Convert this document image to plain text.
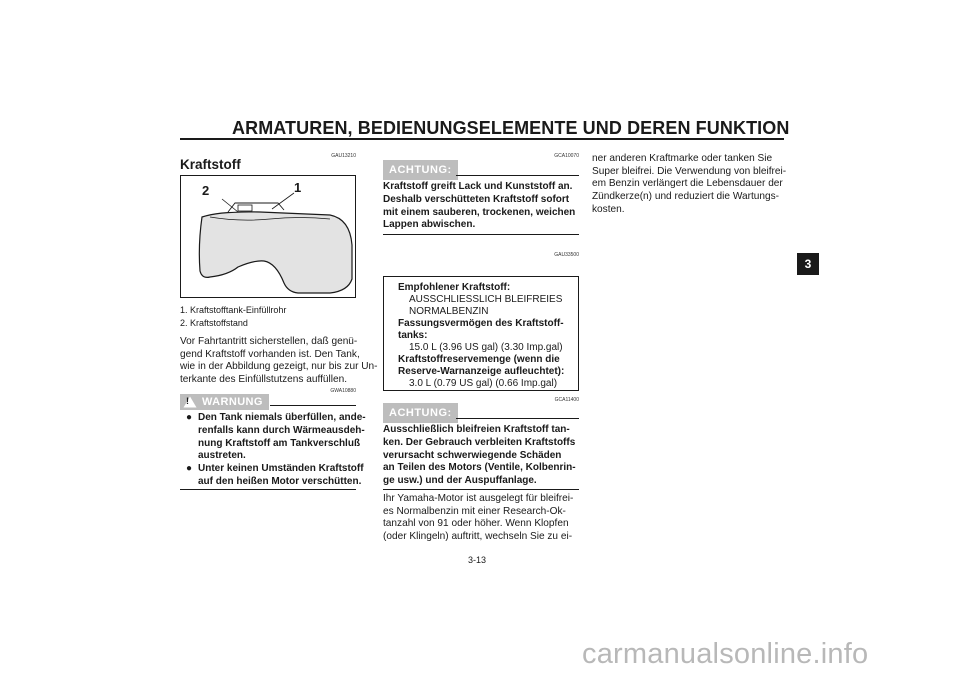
ARMATUREN, BEDIENUNGSELEMENTE UND DEREN FUNKTION
3
GAU13210
Kraftstoff
2	1
1. Kraftstofftank-Einfüllrohr
2. Kraftstoffstand
Vor Fahrtantritt sicherstellen, daß genü-
gend Kraftstoff vorhanden ist. Den Tank,
wie in der Abbildung gezeigt, nur bis zur Un-
terkante des Einfüllstutzens auffüllen.
GWA10880
! WARNUNG
● Den Tank niemals überfüllen, ande-
renfalls kann durch Wärmeausdeh-
nung Kraftstoff am Tankverschluß
austreten.
● Unter keinen Umständen Kraftstoff
auf den heißen Motor verschütten.
GCA10070
ACHTUNG:
Kraftstoff greift Lack und Kunststoff an.
Deshalb verschütteten Kraftstoff sofort
mit einem sauberen, trockenen, weichen
Lappen abwischen.
GAU33500
Empfohlener Kraftstoff:
AUSSCHLIESSLICH BLEIFREIES
NORMALBENZIN
Fassungsvermögen des Kraftstoff-
tanks:
15.0 L (3.96 US gal) (3.30 Imp.gal)
Kraftstoffreservemenge (wenn die
Reserve-Warnanzeige aufleuchtet):
3.0 L (0.79 US gal) (0.66 Imp.gal)
GCA11400
ACHTUNG:
Ausschließlich bleifreien Kraftstoff tan-
ken. Der Gebrauch verbleiten Kraftstoffs
verursacht schwerwiegende Schäden
an Teilen des Motors (Ventile, Kolbenrin-
ge usw.) und der Auspuffanlage.
Ihr Yamaha-Motor ist ausgelegt für bleifrei-
es Normalbenzin mit einer Research-Ok-
tanzahl von 91 oder höher. Wenn Klopfen
(oder Klingeln) auftritt, wechseln Sie zu ei-
ner anderen Kraftmarke oder tanken Sie
Super bleifrei. Die Verwendung von bleifrei-
em Benzin verlängert die Lebensdauer der
Zündkerze(n) und reduziert die Wartungs-
kosten.
3-13
carmanualsonline.info
